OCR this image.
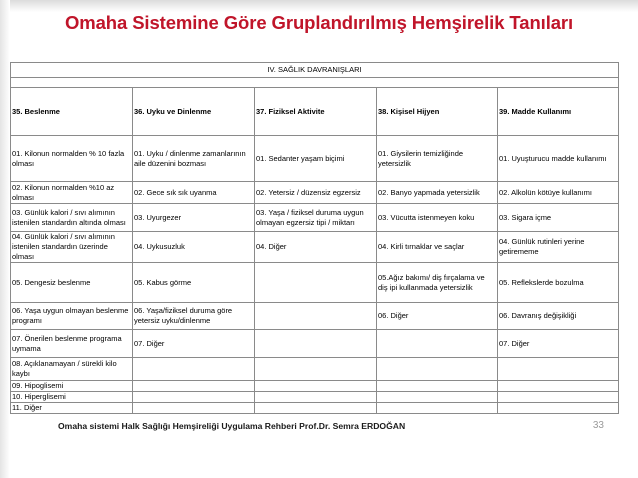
Omaha Sistemine Göre Gruplandırılmış Hemşirelik Tanıları
IV. SAĞLIK DAVRANIŞLARI				

35. Beslenme	36. Uyku ve Dinlenme	37. Fiziksel Aktivite	38. Kişisel Hijyen	39. Madde Kullanımı
01. Kilonun normalden % 10 fazla olması	01. Uyku / dinlenme zamanlarının aile düzenini bozması	01. Sedanter yaşam biçimi	01. Giysilerin temizliğinde yetersizlik	01. Uyuşturucu madde kullanımı
02. Kilonun normalden %10 az olması	02. Gece sık sık uyanma	02. Yetersiz / düzensiz egzersiz	02. Banyo yapmada yetersizlik	02. Alkolün kötüye kullanımı
03. Günlük kalori / sıvı alımının istenilen standardın altında olması	03. Uyurgezer	03. Yaşa / fiziksel duruma uygun olmayan egzersiz tipi / miktarı	03. Vücutta istenmeyen koku	03. Sigara içme
04. Günlük kalori / sıvı alımının istenilen standardın üzerinde olması	04. Uykusuzluk	04. Diğer	04. Kirli tırnaklar ve saçlar	04. Günlük rutinleri yerine getirememe
05. Dengesiz beslenme	05. Kabus görme		05.Ağız bakımı/ diş fırçalama ve diş ipi kullanmada yetersizlik	05. Reflekslerde bozulma
06. Yaşa uygun olmayan beslenme programı	06. Yaşa/fiziksel duruma göre yetersiz uyku/dinlenme		06. Diğer	06. Davranış değişikliği
07. Önerilen beslenme programa uymama	07. Diğer			07. Diğer
08. Açıklanamayan / sürekli kilo kaybı				
09. Hipoglisemi				
10. Hiperglisemi				
11. Diğer				
Omaha sistemi Halk Sağlığı Hemşireliği Uygulama Rehberi Prof.Dr. Semra ERDOĞAN	33
